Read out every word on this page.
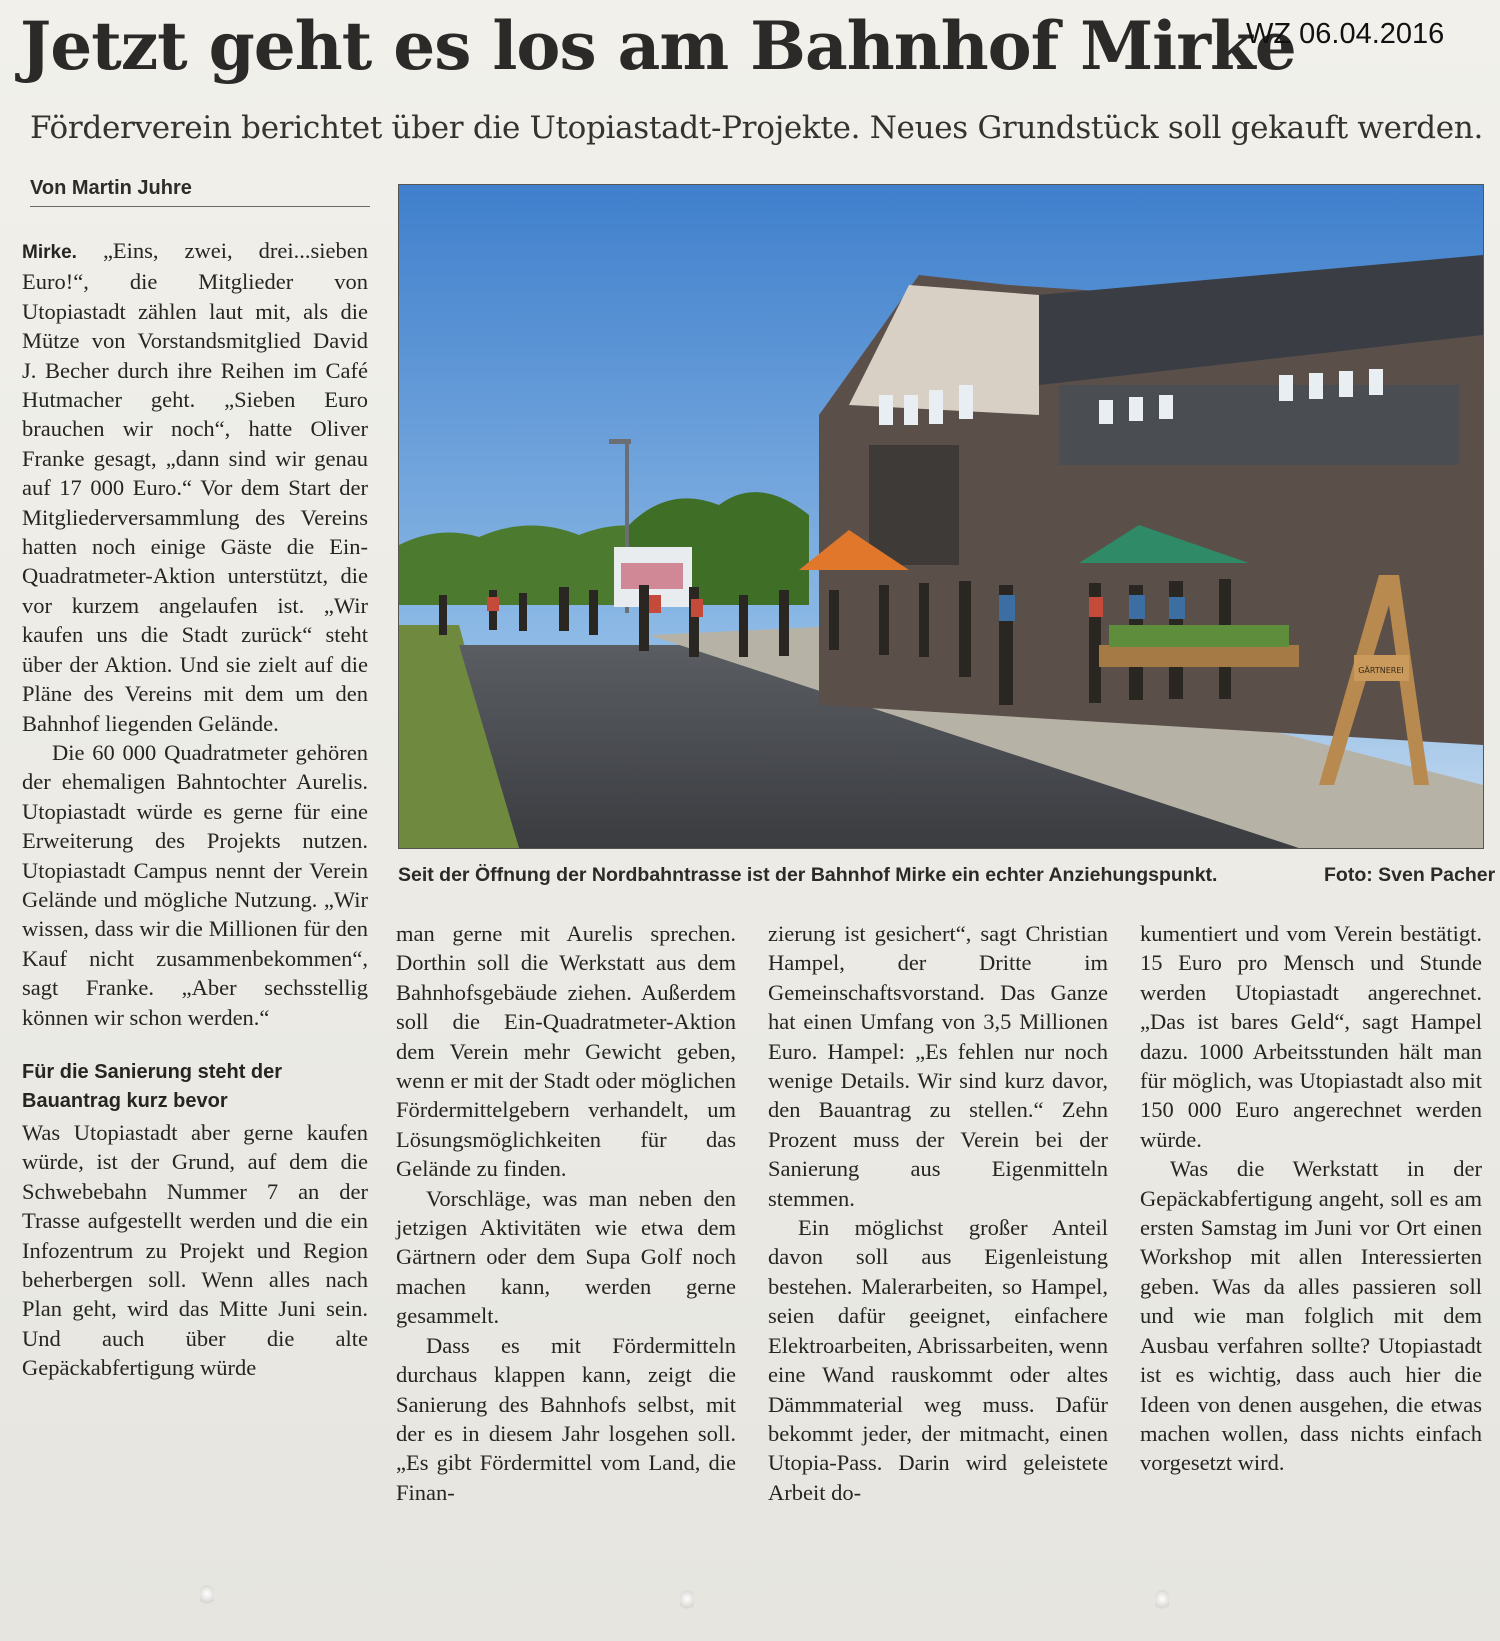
Jetzt geht es los am Bahnhof Mirke
WZ 06.04.2016
Förderverein berichtet über die Utopiastadt-Projekte. Neues Grundstück soll gekauft werden.
Von Martin Juhre

Mirke. „Eins, zwei, drei...sieben Euro!“, die Mitglieder von Utopiastadt zählen laut mit, als die Mütze von Vorstandsmitglied David J. Becher durch ihre Reihen im Café Hutmacher geht. „Sieben Euro brauchen wir noch“, hatte Oliver Franke gesagt, „dann sind wir genau auf 17 000 Euro.“ Vor dem Start der Mitgliederversammlung des Vereins hatten noch einige Gäste die Ein-Quadratmeter-Aktion unterstützt, die vor kurzem angelaufen ist. „Wir kaufen uns die Stadt zurück“ steht über der Aktion. Und sie zielt auf die Pläne des Vereins mit dem um den Bahnhof liegenden Gelände.

Die 60 000 Quadratmeter gehören der ehemaligen Bahntochter Aurelis. Utopiastadt würde es gerne für eine Erweiterung des Projekts nutzen. Utopiastadt Campus nennt der Verein Gelände und mögliche Nutzung. „Wir wissen, dass wir die Millionen für den Kauf nicht zusammenbekommen“, sagt Franke. „Aber sechsstellig können wir schon werden.“

Für die Sanierung steht der Bauantrag kurz bevor

Was Utopiastadt aber gerne kaufen würde, ist der Grund, auf dem die Schwebebahn Nummer 7 an der Trasse aufgestellt werden und die ein Infozentrum zu Projekt und Region beherbergen soll. Wenn alles nach Plan geht, wird das Mitte Juni sein. Und auch über die alte Gepäckabfertigung würde

GÄRTNEREI
Seit der Öffnung der Nordbahntrasse ist der Bahnhof Mirke ein echter Anziehungspunkt.	Foto: Sven Pacher

man gerne mit Aurelis sprechen. Dorthin soll die Werkstatt aus dem Bahnhofsgebäude ziehen. Außerdem soll die Ein-Quadratmeter-Aktion dem Verein mehr Gewicht geben, wenn er mit der Stadt oder möglichen Fördermittelgebern verhandelt, um Lösungsmöglichkeiten für das Gelände zu finden.

Vorschläge, was man neben den jetzigen Aktivitäten wie etwa dem Gärtnern oder dem Supa Golf noch machen kann, werden gerne gesammelt.

Dass es mit Fördermitteln durchaus klappen kann, zeigt die Sanierung des Bahnhofs selbst, mit der es in diesem Jahr losgehen soll. „Es gibt Fördermittel vom Land, die Finan-

zierung ist gesichert“, sagt Christian Hampel, der Dritte im Gemeinschaftsvorstand. Das Ganze hat einen Umfang von 3,5 Millionen Euro. Hampel: „Es fehlen nur noch wenige Details. Wir sind kurz davor, den Bauantrag zu stellen.“ Zehn Prozent muss der Verein bei der Sanierung aus Eigenmitteln stemmen.

Ein möglichst großer Anteil davon soll aus Eigenleistung bestehen. Malerarbeiten, so Hampel, seien dafür geeignet, einfachere Elektroarbeiten, Abrissarbeiten, wenn eine Wand rauskommt oder altes Dämmmaterial weg muss. Dafür bekommt jeder, der mitmacht, einen Utopia-Pass. Darin wird geleistete Arbeit do-

kumentiert und vom Verein bestätigt. 15 Euro pro Mensch und Stunde werden Utopiastadt angerechnet. „Das ist bares Geld“, sagt Hampel dazu. 1000 Arbeitsstunden hält man für möglich, was Utopiastadt also mit 150 000 Euro angerechnet werden würde.

Was die Werkstatt in der Gepäckabfertigung angeht, soll es am ersten Samstag im Juni vor Ort einen Workshop mit allen Interessierten geben. Was da alles passieren soll und wie man folglich mit dem Ausbau verfahren sollte? Utopiastadt ist es wichtig, dass auch hier die Ideen von denen ausgehen, die etwas machen wollen, dass nichts einfach vorgesetzt wird.
